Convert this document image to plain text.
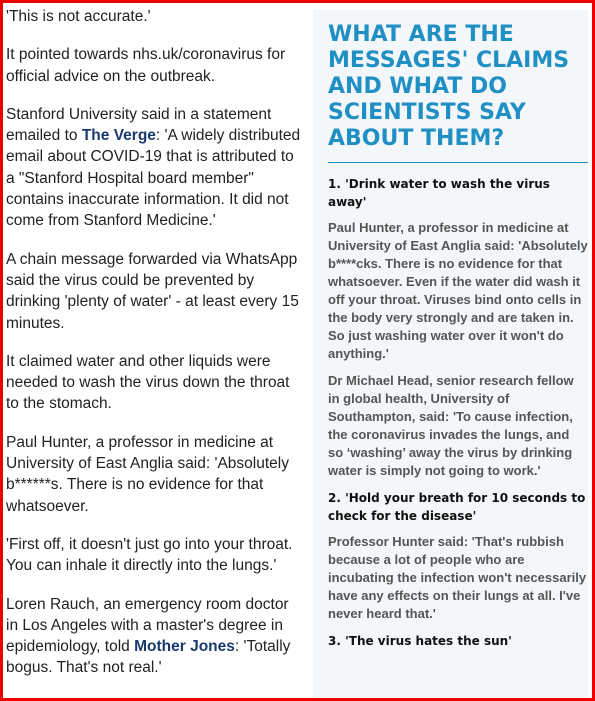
'This is not accurate.'

It pointed towards nhs.uk/coronavirus for official advice on the outbreak.

Stanford University said in a statement emailed to The Verge: 'A widely distributed email about COVID-19 that is attributed to a "Stanford Hospital board member" contains inaccurate information. It did not come from Stanford Medicine.'

A chain message forwarded via WhatsApp said the virus could be prevented by drinking 'plenty of water' - at least every 15 minutes.

It claimed water and other liquids were needed to wash the virus down the throat to the stomach.

Paul Hunter, a professor in medicine at University of East Anglia said: 'Absolutely b******s. There is no evidence for that whatsoever.

'First off, it doesn't just go into your throat. You can inhale it directly into the lungs.'

Loren Rauch, an emergency room doctor in Los Angeles with a master's degree in epidemiology, told Mother Jones: 'Totally bogus. That's not real.'

WHAT ARE THE MESSAGES' CLAIMS AND WHAT DO SCIENTISTS SAY ABOUT THEM?
1. 'Drink water to wash the virus away'

Paul Hunter, a professor in medicine at University of East Anglia said: 'Absolutely b****cks. There is no evidence for that whatsoever. Even if the water did wash it off your throat. Viruses bind onto cells in the body very strongly and are taken in. So just washing water over it won't do anything.'

Dr Michael Head, senior research fellow in global health, University of Southampton, said: 'To cause infection, the coronavirus invades the lungs, and so ‘washing’ away the virus by drinking water is simply not going to work.'

2. 'Hold your breath for 10 seconds to check for the disease'

Professor Hunter said: 'That's rubbish because a lot of people who are incubating the infection won't necessarily have any effects on their lungs at all. I've never heard that.'

3. 'The virus hates the sun'
